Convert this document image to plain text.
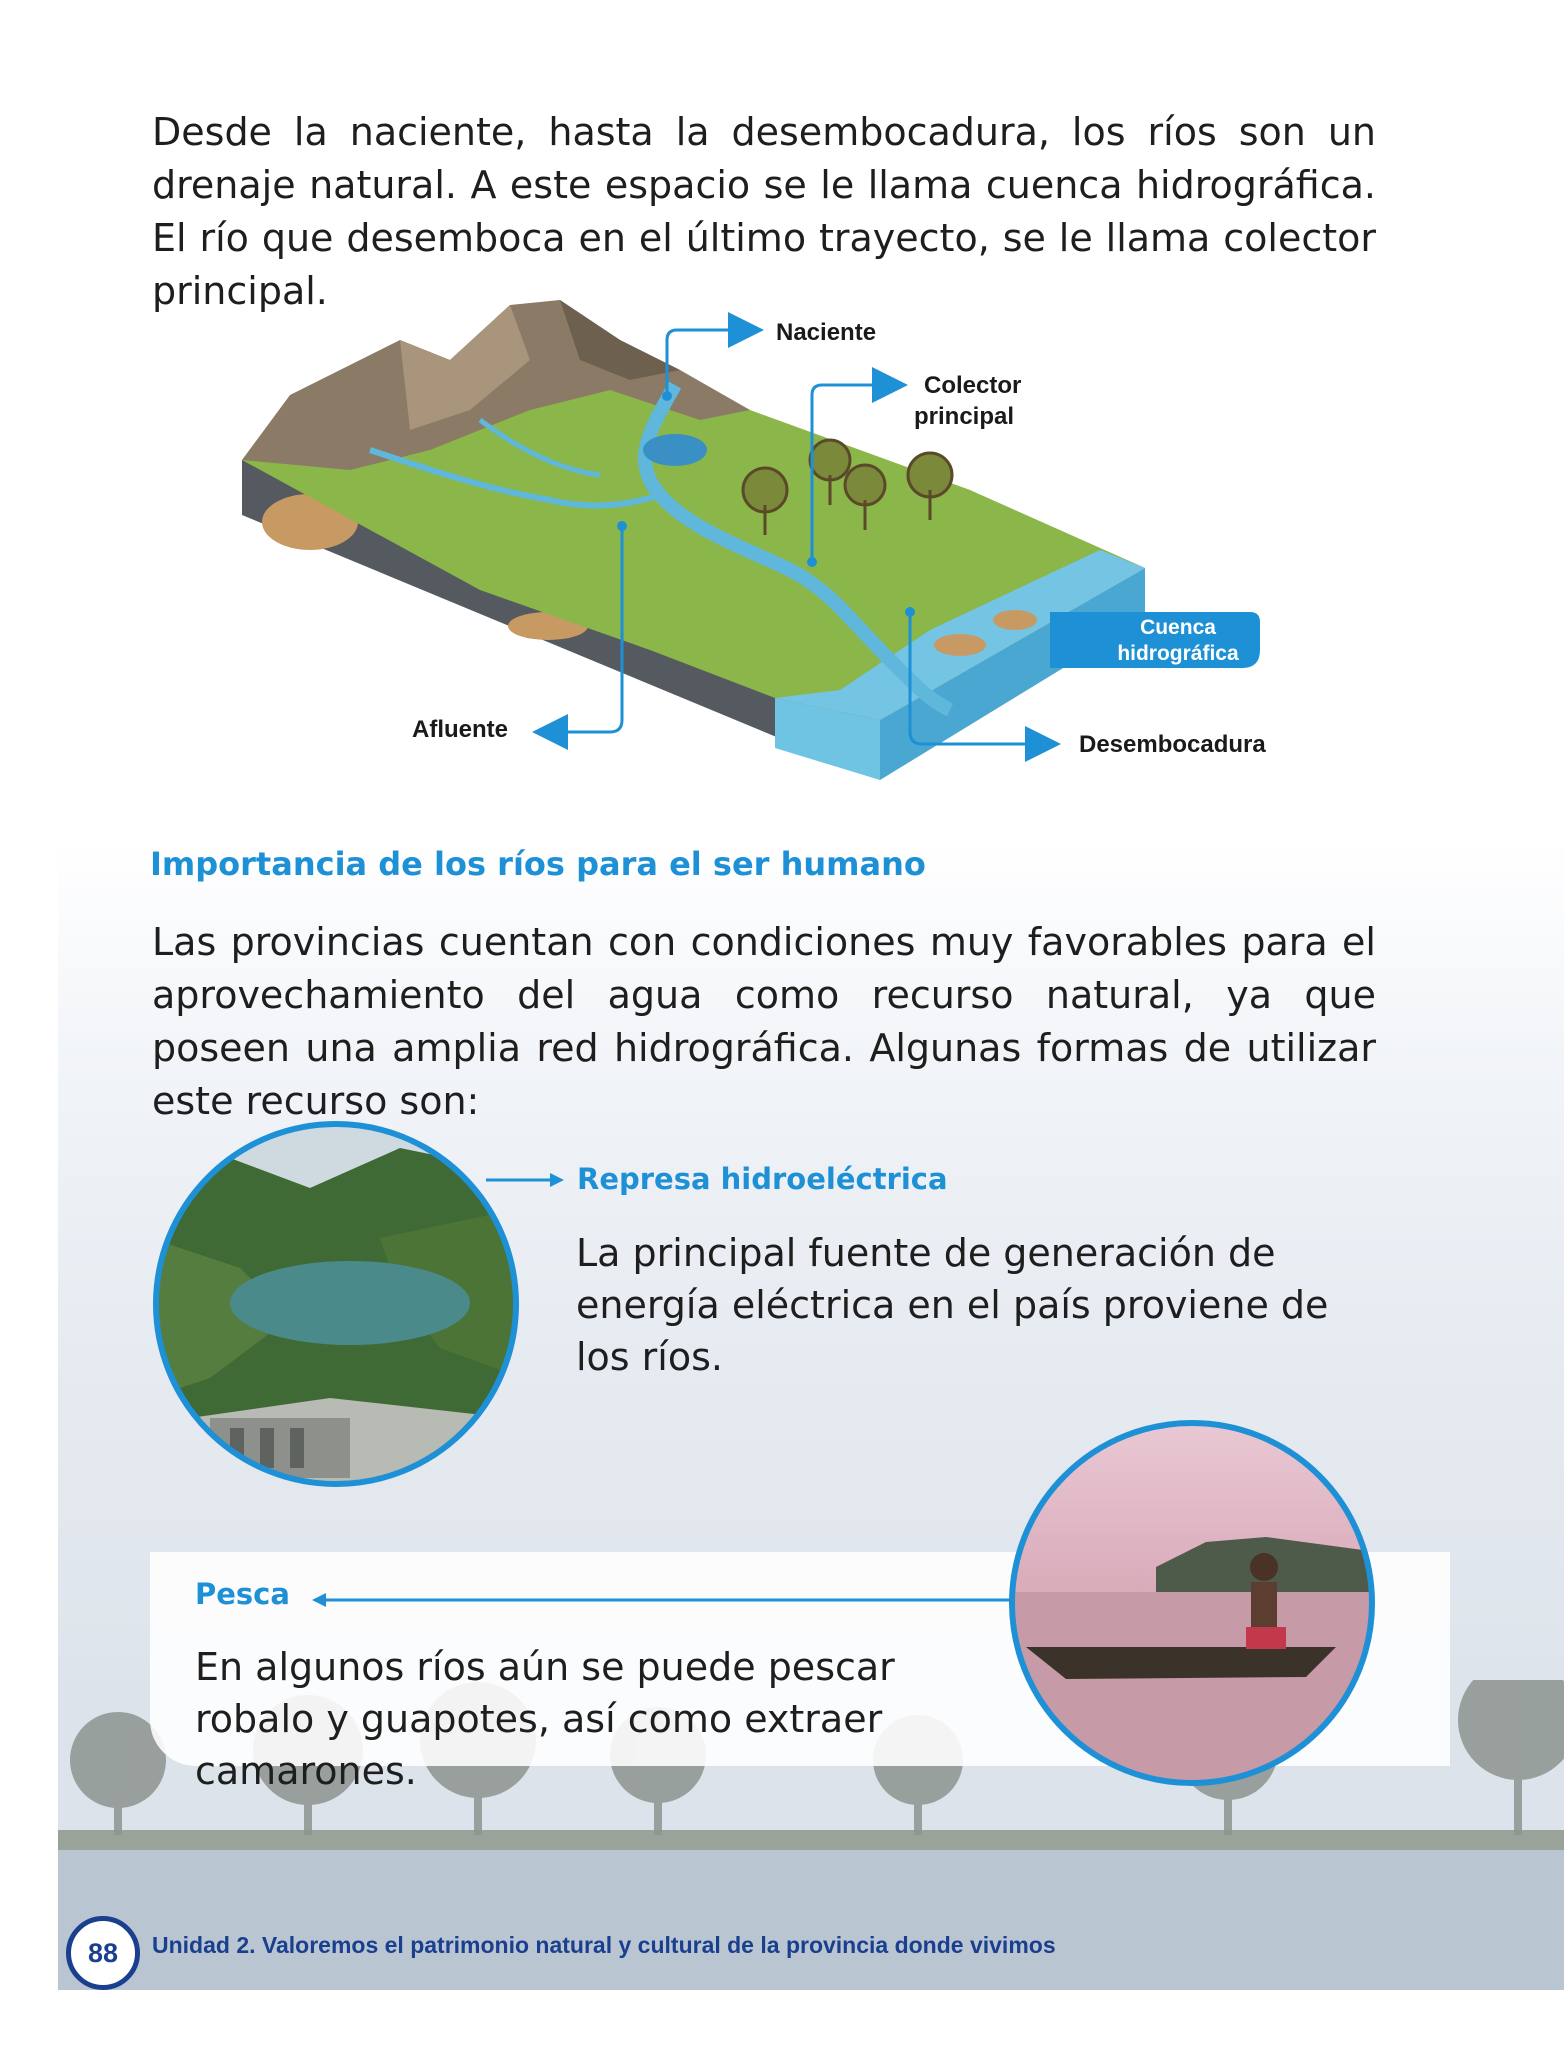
Desde la naciente, hasta la desembocadura, los ríos son un drenaje natural. A este espacio se le llama cuenca hidrográfica. El río que desemboca en el último trayecto, se le llama colector principal.

Naciente
Colector
principal
Afluente
Desembocadura
Cuenca
hidrográfica
Importancia de los ríos para el ser humano

Las provincias cuentan con condiciones muy favorables para el aprovechamiento del agua como recurso natural, ya que poseen una amplia red hidrográfica. Algunas formas de utilizar este recurso son:

Represa hidroeléctrica

La principal fuente de generación de energía eléctrica en el país proviene de los ríos.

Pesca

En algunos ríos aún se puede pescar robalo y guapotes, así como extraer camarones.

88	Unidad 2. Valoremos el patrimonio natural y cultural de la provincia donde vivimos
